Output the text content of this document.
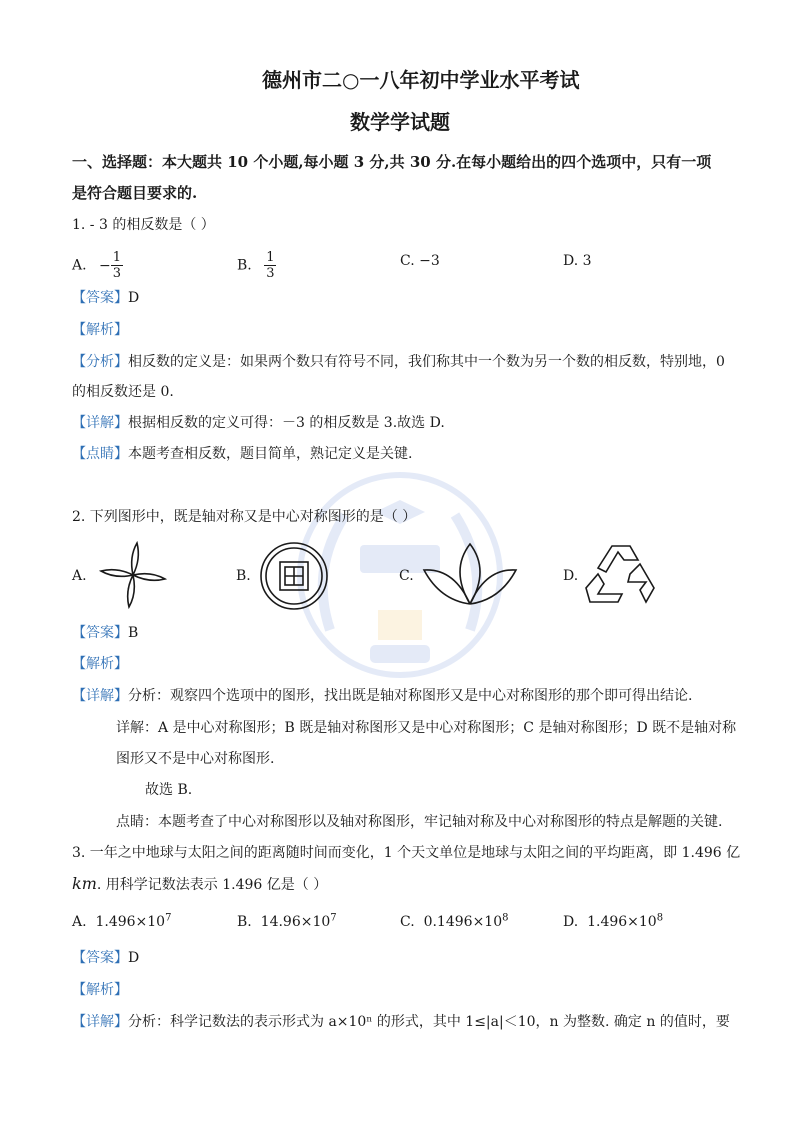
德州市二○一八年初中学业水平考试
数学学试题
一、选择题：本大题共 10 个小题,每小题 3 分,共 30 分.在每小题给出的四个选项中，只有一项
是符合题目要求的.
1. - 3 的相反数是（ ）
A. − $\frac{1}{3}$	B. $\frac{1}{3}$	C. −3	D. 3
【答案】D
【解析】
【分析】相反数的定义是：如果两个数只有符号不同，我们称其中一个数为另一个数的相反数，特别地，0
的相反数还是 0.
【详解】根据相反数的定义可得：－3 的相反数是 3.故选 D.
【点睛】本题考查相反数，题目简单，熟记定义是关键.
2. 下列图形中，既是轴对称又是中心对称图形的是（ ）
A.	B.	C.	D.
【答案】B
【解析】
【详解】分析：观察四个选项中的图形，找出既是轴对称图形又是中心对称图形的那个即可得出结论.
详解：A 是中心对称图形；B 既是轴对称图形又是中心对称图形；C 是轴对称图形；D 既不是轴对称
图形又不是中心对称图形.
故选 B.
点睛：本题考查了中心对称图形以及轴对称图形，牢记轴对称及中心对称图形的特点是解题的关键.
3. 一年之中地球与太阳之间的距离随时间而变化，1 个天文单位是地球与太阳之间的平均距离，即 1.496 亿
km. 用科学记数法表示 1.496 亿是（ ）
A. $1.496\times 10^7$	B. $14.96\times 10^7$	C. $0.1496\times 10^8$	D. $1.496\times 10^8$
【答案】D
【解析】
【详解】分析：科学记数法的表示形式为 a×10ⁿ 的形式，其中 1≤|a|＜10，n 为整数. 确定 n 的值时，要
